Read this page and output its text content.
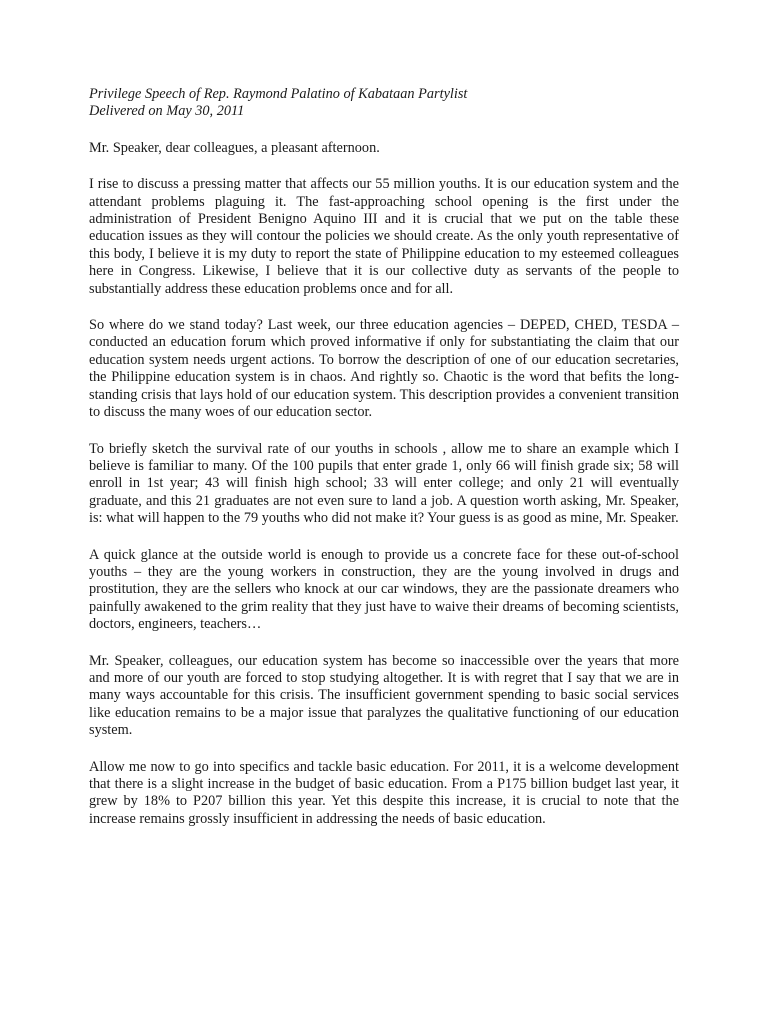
Privilege Speech of Rep. Raymond Palatino of Kabataan Partylist
Delivered on May 30, 2011

Mr. Speaker, dear colleagues, a pleasant afternoon.

I rise to discuss a pressing matter that affects our 55 million youths. It is our education system and the attendant problems plaguing it. The fast-approaching school opening is the first under the administration of President Benigno Aquino III and it is crucial that we put on the table these education issues as they will contour the policies we should create. As the only youth representative of this body, I believe it is my duty to report the state of Philippine education to my esteemed colleagues here in Congress. Likewise, I believe that it is our collective duty as servants of the people to substantially address these education problems once and for all.

So where do we stand today? Last week, our three education agencies – DEPED, CHED, TESDA – conducted an education forum which proved informative if only for substantiating the claim that our education system needs urgent actions. To borrow the description of one of our education secretaries, the Philippine education system is in chaos. And rightly so. Chaotic is the word that befits the long-standing crisis that lays hold of our education system. This description provides a convenient transition to discuss the many woes of our education sector.

To briefly sketch the survival rate of our youths in schools , allow me to share an example which I believe is familiar to many. Of the 100 pupils that enter grade 1, only 66 will finish grade six; 58 will enroll in 1st year; 43 will finish high school; 33 will enter college; and only 21 will eventually graduate, and this 21 graduates are not even sure to land a job. A question worth asking, Mr. Speaker, is: what will happen to the 79 youths who did not make it? Your guess is as good as mine, Mr. Speaker.

A quick glance at the outside world is enough to provide us a concrete face for these out-of-school youths – they are the young workers in construction, they are the young involved in drugs and prostitution, they are the sellers who knock at our car windows, they are the passionate dreamers who painfully awakened to the grim reality that they just have to waive their dreams of becoming scientists, doctors, engineers, teachers…

Mr. Speaker, colleagues, our education system has become so inaccessible over the years that more and more of our youth are forced to stop studying altogether. It is with regret that I say that we are in many ways accountable for this crisis. The insufficient government spending to basic social services like education remains to be a major issue that paralyzes the qualitative functioning of our education system.

Allow me now to go into specifics and tackle basic education. For 2011, it is a welcome development that there is a slight increase in the budget of basic education. From a P175 billion budget last year, it grew by 18% to P207 billion this year. Yet this despite this increase, it is crucial to note that the increase remains grossly insufficient in addressing the needs of basic education.
